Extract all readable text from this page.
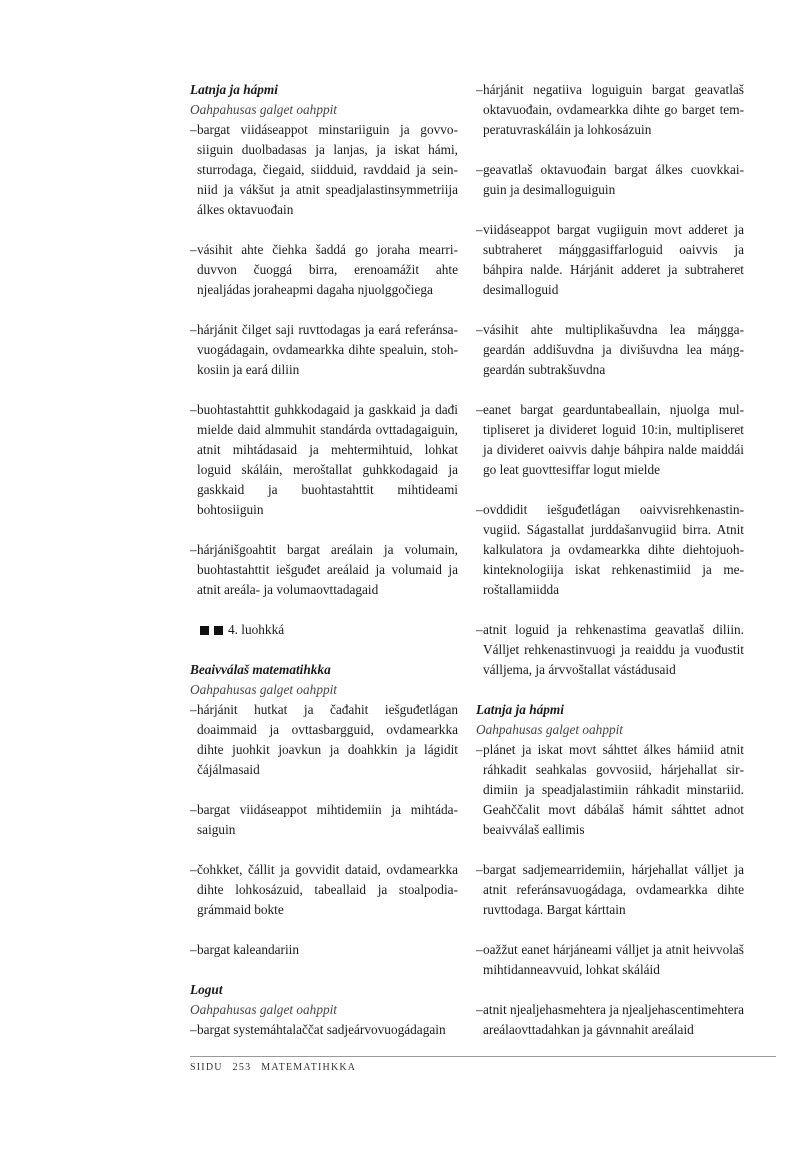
Latnja ja hápmi

Oahpahusas galget oahppit

– bargat viidáseappot minstariiguin ja govvosiiguin duolbadasas ja lanjas, ja iskat hámi, sturrodaga, čiegaid, siidduid, ravddaid ja seinniid ja vákšut ja atnit speadjalastinsymmetriija álkes oktavuođain
– vásihit ahte čiehka šaddá go joraha mearriduvvon čuoggá birra, erenoamážit ahte njealjádas joraheapmi dagaha njuolggočiega
– hárjánit čilget saji ruvttodagas ja eará referánsavuogádagain, ovdamearkka dihte spealuin, stohkosiin ja eará diliin
– buohtastahttit guhkkodagaid ja gaskkaid ja dađi mielde daid almmuhit standárda ovttadagaiguin, atnit mihtádasaid ja mehtermihtuid, lohkat loguid skáláin, meroštallat guhkkodagaid ja gaskkaid ja buohtastahttit mihtideami bohtosiiguin
– hárjánišgoahtit bargat areálain ja volumain, buohtastahttit iešguđet areálaid ja volumaid ja atnit areála- ja volumaovttadagaid
4. luohkká

Beaivválaš matematihkka

Oahpahusas galget oahppit

– hárjánit hutkat ja čađahit iešguđetlágan doaimmaid ja ovttasbargguid, ovdamearkka dihte juohkit joavkun ja doahkkin ja lágidit čájálmasaid
– bargat viidáseappot mihtidemiin ja mihtádasaiguin
– čohkket, čállit ja govvidit dataid, ovdamearkka dihte lohkosázuid, tabeallaid ja stoalpodiagrámmaid bokte
– bargat kaleandariin

Logut

Oahpahusas galget oahppit

– bargat systemáhtalaččat sadjeárvovuogádagain
– hárjánit negatiiva loguiguin bargat geavatlaš oktavuođain, ovdamearkka dihte go barget temperatuvraskáláin ja lohkosázuin
– geavatlaš oktavuođain bargat álkes cuovkkaiguin ja desimalloguiguin
– viidáseappot bargat vugiiguin movt adderet ja subtraheret máŋggasiffarloguid oaivvis ja báhpira nalde. Hárjánit adderet ja subtraheret desimalloguid
– vásihit ahte multiplikašuvdna lea máŋggageardán addišuvdna ja divišuvdna lea máŋggeardán subtrakšuvdna
– eanet bargat gearduntabeallain, njuolga multipliseret ja divideret loguid 10:in, multipliseret ja divideret oaivvis dahje báhpira nalde maiddái go leat guovttesiffar logut mielde
– ovddidit iešguđetlágan oaivvisrehkenastinvugiid. Ságastallat jurddašanvugiid birra. Atnit kalkulatora ja ovdamearkka dihte diehtojuohkinteknologiija iskat rehkenastimiid ja meroštallamiidda
– atnit loguid ja rehkenastima geavatlaš diliin. Válljet rehkenastinvuogi ja reaiddu ja vuođustit válljema, ja árvvoštallat vástádusaid

Latnja ja hápmi

Oahpahusas galget oahppit

– plánet ja iskat movt sáhttet álkes hámiid atnit ráhkadit seahkalas govvosiid, hárjehallat sirdimiin ja speadjalastimiin ráhkadit minstariid. Geahččalit movt dábálaš hámit sáhttet adnot beaivválaš eallimis
– bargat sadjemearridemiin, hárjehallat válljet ja atnit referánsavuogádaga, ovdamearkka dihte ruvttodaga. Bargat kárttain
– oažžut eanet hárjáneami válljet ja atnit heivvolaš mihtidanneavvuid, lohkat skáláid
– atnit njealjehasmehtera ja njealjehascentimehtera areálaovttadahkan ja gávnnahit areálaid
SIIDU 253 MATEMATIHKKA
